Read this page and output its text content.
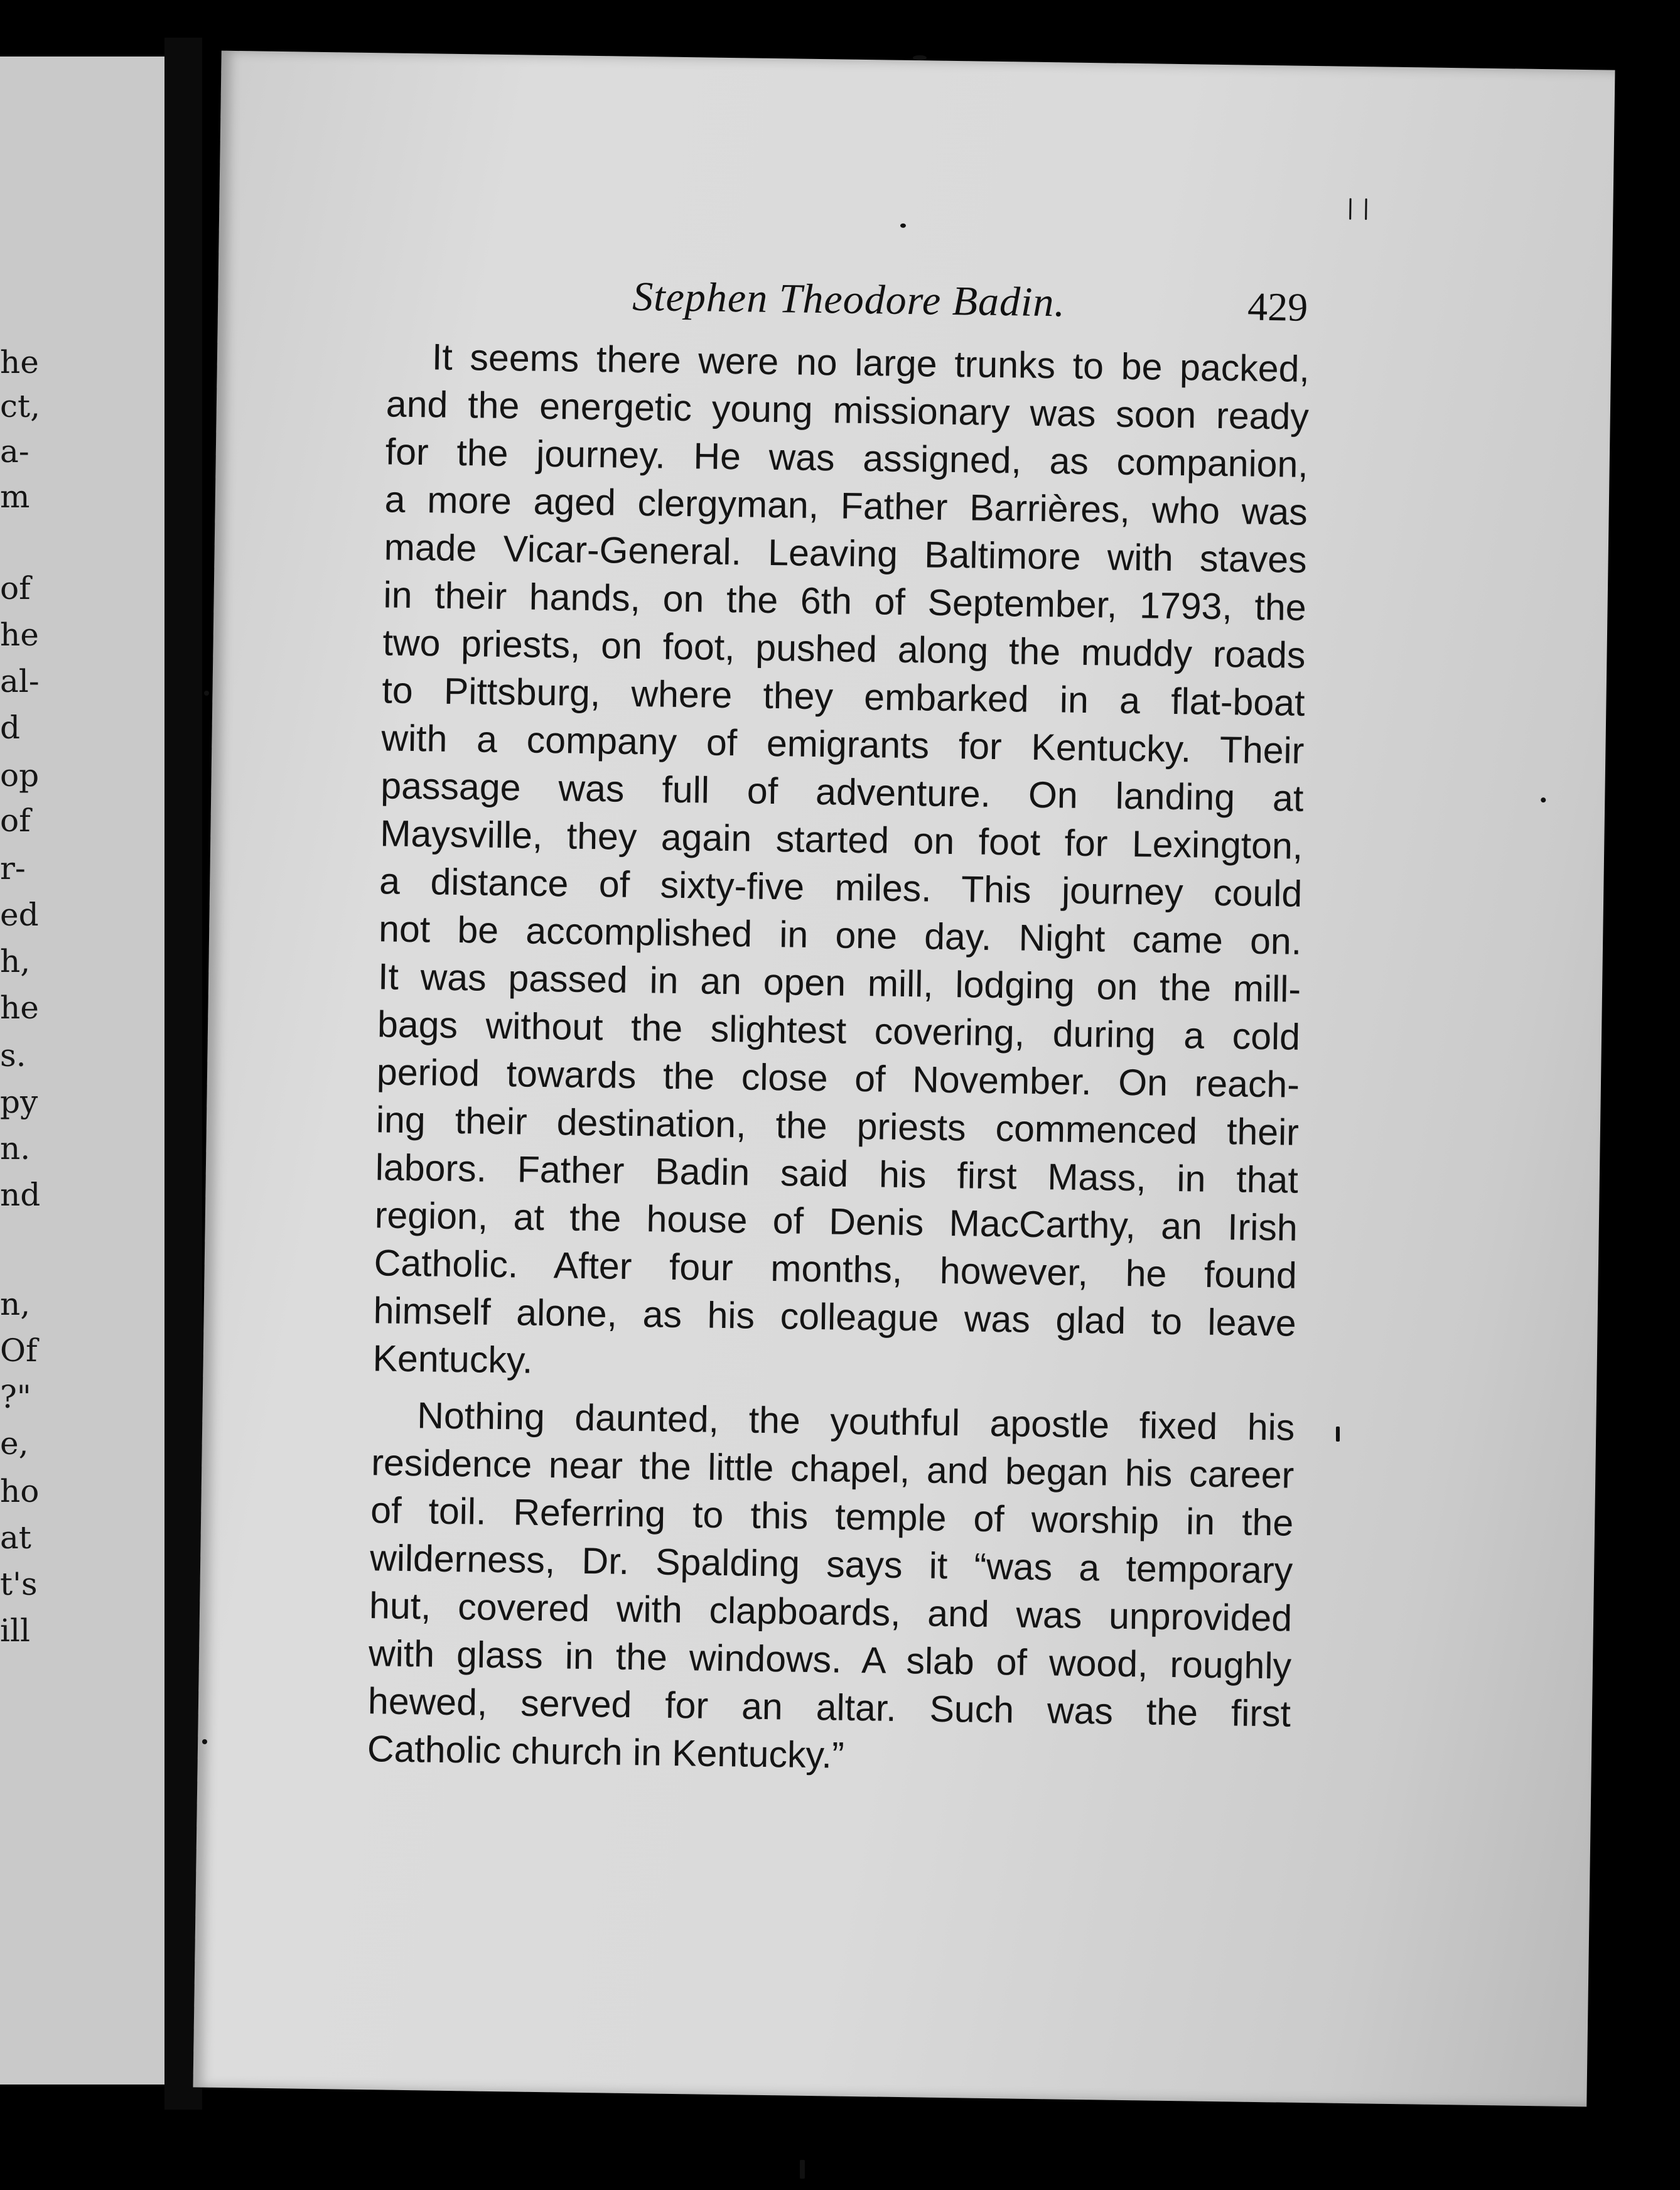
he
ct,
a-
m
of
he
al-
d
op
of
r-
ed
h,
he
s.
py
n.
nd
n,
Of
?"
e,
ho
at
t's
ill
Stephen Theodore Badin.	429
It seems there were no large trunks to be packed,
and the energetic young missionary was soon ready
for the journey. He was assigned, as companion,
a more aged clergyman, Father Barrières, who was
made Vicar-General. Leaving Baltimore with staves
in their hands, on the 6th of September, 1793, the
two priests, on foot, pushed along the muddy roads
to Pittsburg, where they embarked in a flat-boat
with a company of emigrants for Kentucky. Their
passage was full of adventure. On landing at
Maysville, they again started on foot for Lexington,
a distance of sixty-five miles. This journey could
not be accomplished in one day. Night came on.
It was passed in an open mill, lodging on the mill-
bags without the slightest covering, during a cold
period towards the close of November. On reach-
ing their destination, the priests commenced their
labors. Father Badin said his first Mass, in that
region, at the house of Denis MacCarthy, an Irish
Catholic. After four months, however, he found
himself alone, as his colleague was glad to leave
Kentucky.
Nothing daunted, the youthful apostle fixed his
residence near the little chapel, and began his career
of toil. Referring to this temple of worship in the
wilderness, Dr. Spalding says it “was a temporary
hut, covered with clapboards, and was unprovided
with glass in the windows. A slab of wood, roughly
hewed, served for an altar. Such was the first
Catholic church in Kentucky.”
